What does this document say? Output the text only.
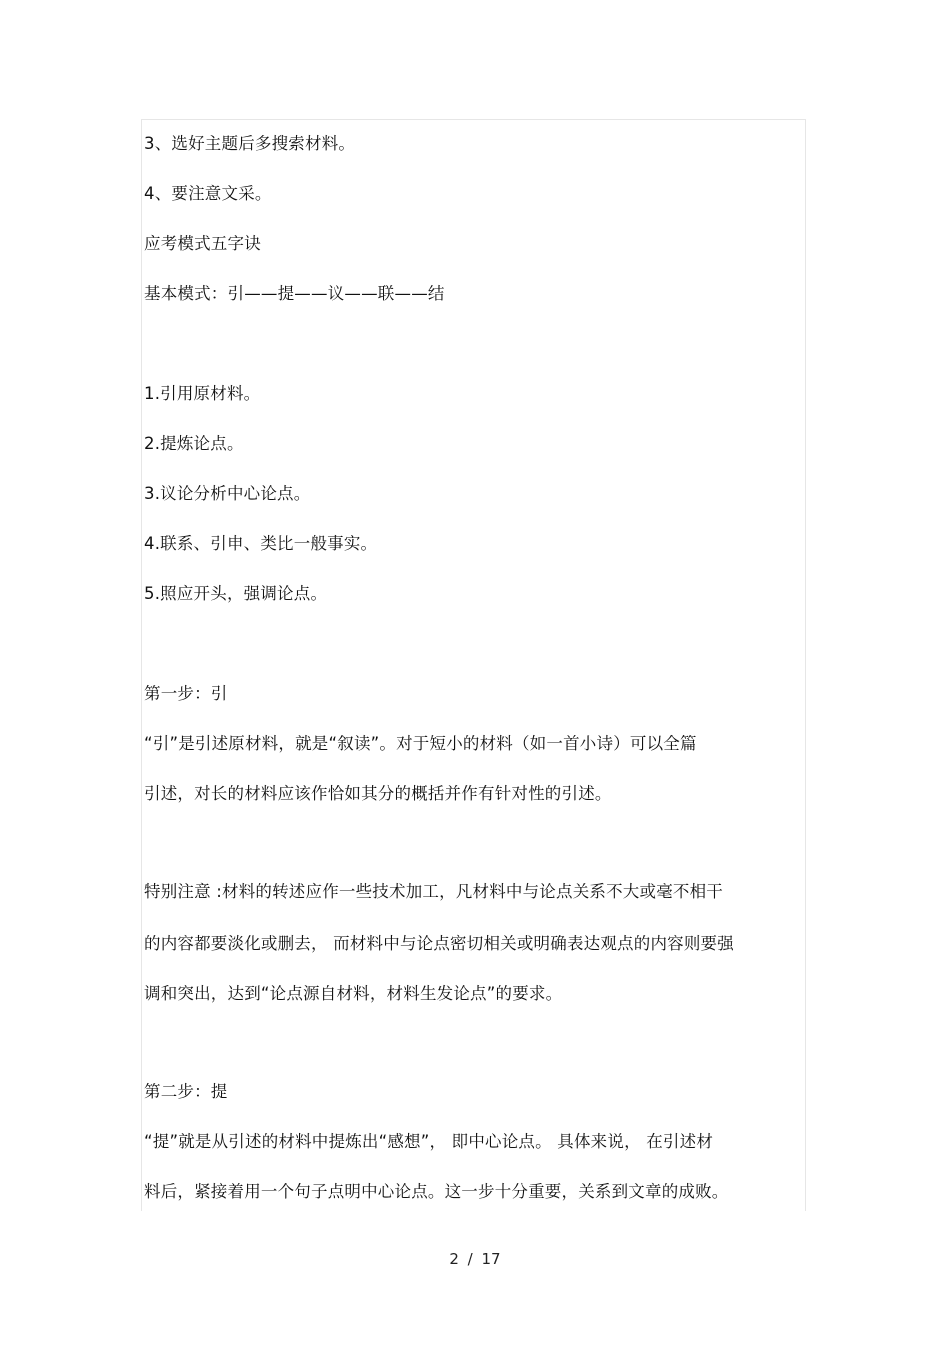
3、选好主题后多搜索材料。
4、要注意文采。
应考模式五字诀
基本模式：引——提——议——联——结
1.引用原材料。
2.提炼论点。
3.议论分析中心论点。
4.联系、引申、类比一般事实。
5.照应开头，强调论点。
第一步：引
“引”是引述原材料，就是“叙读”。对于短小的材料（如一首小诗）可以全篇
引述，对长的材料应该作恰如其分的概括并作有针对性的引述。
特别注意 :材料的转述应作一些技术加工，凡材料中与论点关系不大或毫不相干
的内容都要淡化或删去， 而材料中与论点密切相关或明确表达观点的内容则要强
调和突出，达到“论点源自材料，材料生发论点”的要求。
第二步：提
“提”就是从引述的材料中提炼出“感想”， 即中心论点。 具体来说， 在引述材
料后，紧接着用一个句子点明中心论点。这一步十分重要，关系到文章的成败。
2 / 17
